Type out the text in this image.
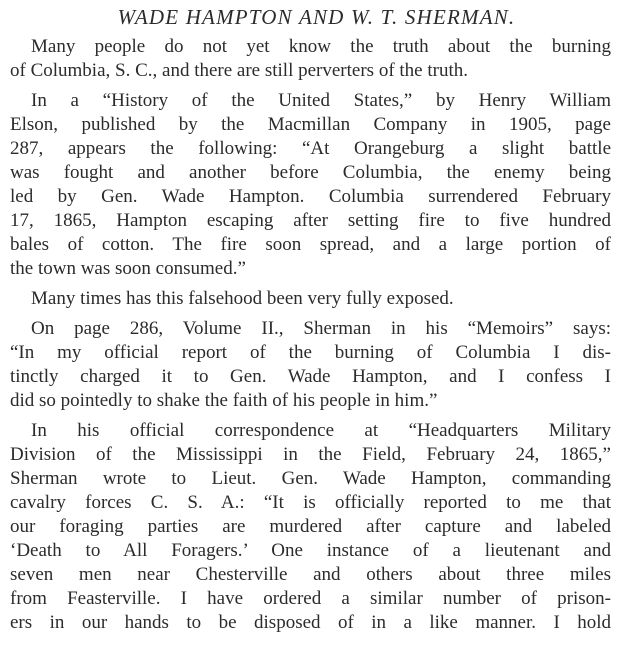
WADE HAMPTON AND W. T. SHERMAN.
Many people do not yet know the truth about the burning
of Columbia, S. C., and there are still perverters of the truth.
In a “History of the United States,” by Henry William
Elson, published by the Macmillan Company in 1905, page
287, appears the following: “At Orangeburg a slight battle
was fought and another before Columbia, the enemy being
led by Gen. Wade Hampton. Columbia surrendered February
17, 1865, Hampton escaping after setting fire to five hundred
bales of cotton. The fire soon spread, and a large portion of
the town was soon consumed.”
Many times has this falsehood been very fully exposed.
On page 286, Volume II., Sherman in his “Memoirs” says:
“In my official report of the burning of Columbia I dis-
tinctly charged it to Gen. Wade Hampton, and I confess I
did so pointedly to shake the faith of his people in him.”
In his official correspondence at “Headquarters Military
Division of the Mississippi in the Field, February 24, 1865,”
Sherman wrote to Lieut. Gen. Wade Hampton, commanding
cavalry forces C. S. A.: “It is officially reported to me that
our foraging parties are murdered after capture and labeled
‘Death to All Foragers.’ One instance of a lieutenant and
seven men near Chesterville and others about three miles
from Feasterville. I have ordered a similar number of prison-
ers in our hands to be disposed of in a like manner. I hold
